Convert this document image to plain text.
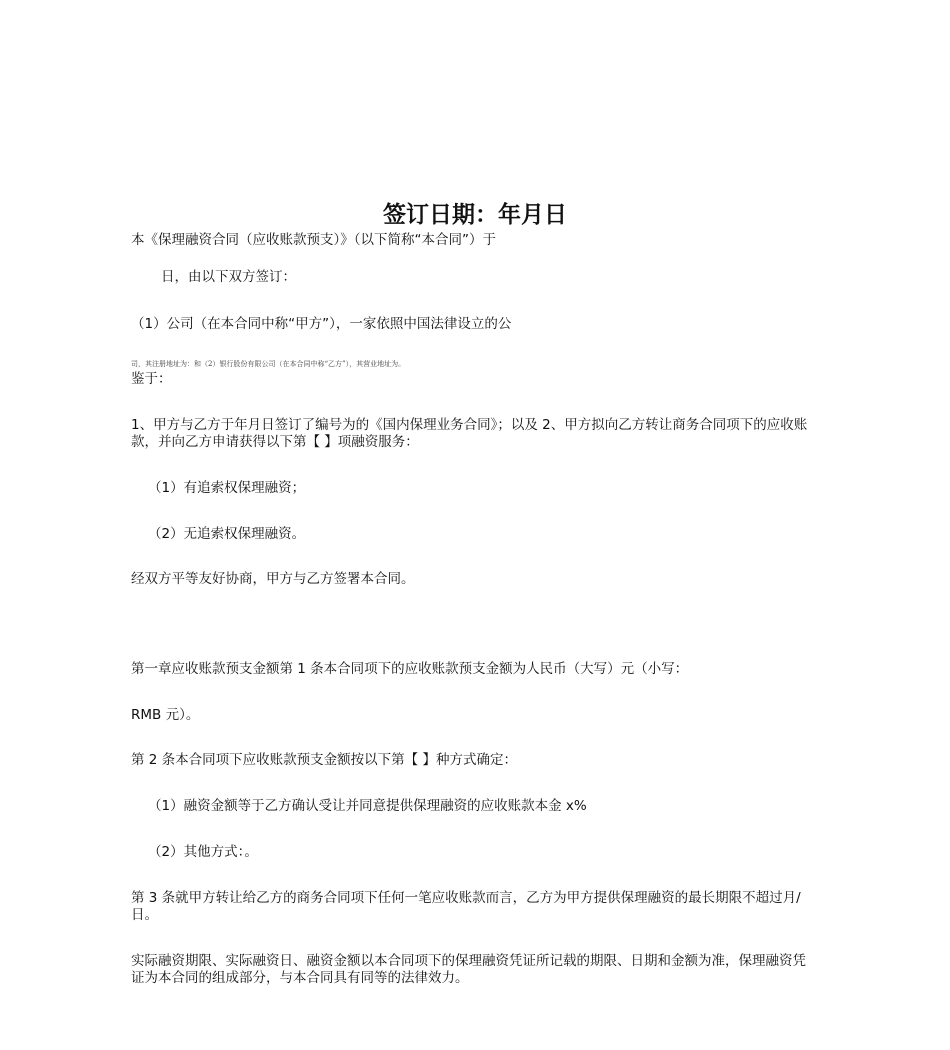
签订日期：年月日
本《保理融资合同（应收账款预支）》（以下简称“本合同”）于
日，由以下双方签订：
（1）公司（在本合同中称“甲方”），一家依照中国法律设立的公
司，其注册地址为：和（2）银行股份有限公司（在本合同中称“乙方”），其营业地址为。
鉴于：
1、甲方与乙方于年月日签订了编号为的《国内保理业务合同》；以及 2、甲方拟向乙方转让商务合同项下的应收账款，并向乙方申请获得以下第【 】项融资服务：
（1）有追索权保理融资；
（2）无追索权保理融资。
经双方平等友好协商，甲方与乙方签署本合同。
第一章应收账款预支金额第 1 条本合同项下的应收账款预支金额为人民币（大写）元（小写：
RMB 元）。
第 2 条本合同项下应收账款预支金额按以下第【 】种方式确定：
（1）融资金额等于乙方确认受让并同意提供保理融资的应收账款本金 x%
（2）其他方式：。
第 3 条就甲方转让给乙方的商务合同项下任何一笔应收账款而言，乙方为甲方提供保理融资的最长期限不超过月/日。
实际融资期限、实际融资日、融资金额以本合同项下的保理融资凭证所记载的期限、日期和金额为准，保理融资凭证为本合同的组成部分，与本合同具有同等的法律效力。
